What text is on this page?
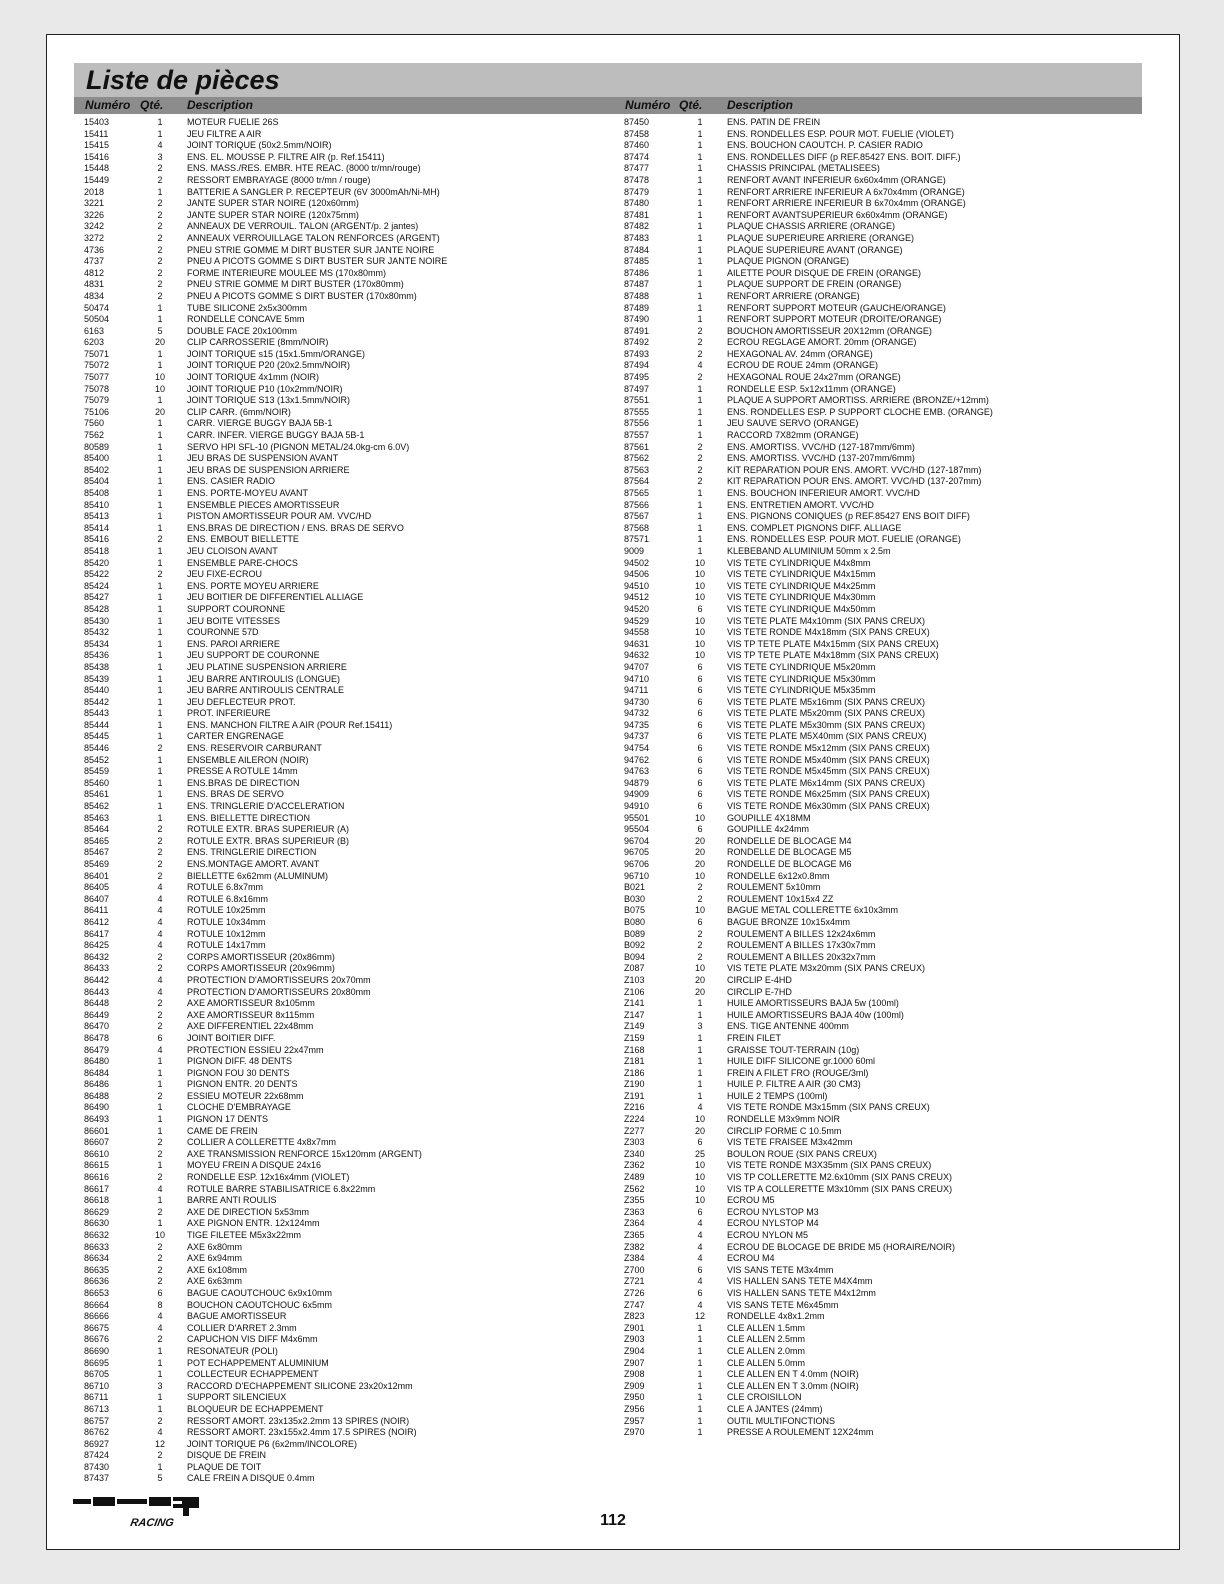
Liste de pièces
Numéro Qté. Description	Numéro Qté. Description
15403	1	MOTEUR FUELIE 26S
15411	1	JEU FILTRE A AIR
15415	4	JOINT TORIQUE (50x2.5mm/NOIR)
15416	3	ENS. EL. MOUSSE P. FILTRE AIR (p. Ref.15411)
15448	2	ENS. MASS./RES. EMBR. HTE REAC. (8000 tr/mn/rouge)
15449	2	RESSORT EMBRAYAGE (8000 tr/mn / rouge)
2018	1	BATTERIE A SANGLER P. RECEPTEUR (6V 3000mAh/Ni-MH)
3221	2	JANTE SUPER STAR NOIRE (120x60mm)
3226	2	JANTE SUPER STAR NOIRE (120x75mm)
3242	2	ANNEAUX DE VERROUIL. TALON (ARGENT/p. 2 jantes)
3272	2	ANNEAUX VERROUILLAGE TALON RENFORCES (ARGENT)
4736	2	PNEU STRIE GOMME M DIRT BUSTER SUR JANTE NOIRE
4737	2	PNEU A PICOTS GOMME S DIRT BUSTER SUR JANTE NOIRE
4812	2	FORME INTERIEURE MOULEE MS (170x80mm)
4831	2	PNEU STRIE GOMME M DIRT BUSTER (170x80mm)
4834	2	PNEU A PICOTS GOMME S DIRT BUSTER (170x80mm)
50474	1	TUBE SILICONE 2x5x300mm
50504	1	RONDELLE CONCAVE 5mm
6163	5	DOUBLE FACE 20x100mm
6203	20	CLIP CARROSSERIE (8mm/NOIR)
75071	1	JOINT TORIQUE s15 (15x1.5mm/ORANGE)
75072	1	JOINT TORIQUE P20 (20x2.5mm/NOIR)
75077	10	JOINT TORIQUE 4x1mm (NOIR)
75078	10	JOINT TORIQUE P10 (10x2mm/NOIR)
75079	1	JOINT TORIQUE S13 (13x1.5mm/NOIR)
75106	20	CLIP CARR. (6mm/NOIR)
7560	1	CARR. VIERGE BUGGY BAJA 5B-1
7562	1	CARR. INFER. VIERGE BUGGY BAJA 5B-1
80589	1	SERVO HPI SFL-10 (PIGNON METAL/24.0kg-cm 6.0V)
85400	1	JEU BRAS DE SUSPENSION AVANT
85402	1	JEU BRAS DE SUSPENSION ARRIERE
85404	1	ENS. CASIER RADIO
85408	1	ENS. PORTE-MOYEU AVANT
85410	1	ENSEMBLE PIECES AMORTISSEUR
85413	1	PISTON AMORTISSEUR POUR AM. VVC/HD
85414	1	ENS.BRAS DE DIRECTION / ENS. BRAS DE SERVO
85416	2	ENS. EMBOUT BIELLETTE
85418	1	JEU CLOISON AVANT
85420	1	ENSEMBLE PARE-CHOCS
85422	2	JEU FIXE-ECROU
85424	1	ENS. PORTE MOYEU ARRIERE
85427	1	JEU BOITIER DE DIFFERENTIEL ALLIAGE
85428	1	SUPPORT COURONNE
85430	1	JEU BOITE VITESSES
85432	1	COURONNE 57D
85434	1	ENS. PAROI ARRIERE
85436	1	JEU SUPPORT DE COURONNE
85438	1	JEU PLATINE SUSPENSION ARRIERE
85439	1	JEU BARRE ANTIROULIS (LONGUE)
85440	1	JEU BARRE ANTIROULIS CENTRALE
85442	1	JEU DEFLECTEUR PROT.
85443	1	PROT. INFERIEURE
85444	1	ENS. MANCHON FILTRE A AIR (POUR Ref.15411)
85445	1	CARTER ENGRENAGE
85446	2	ENS. RESERVOIR CARBURANT
85452	1	ENSEMBLE AILERON (NOIR)
85459	1	PRESSE A ROTULE 14mm
85460	1	ENS.BRAS DE DIRECTION
85461	1	ENS. BRAS DE SERVO
85462	1	ENS. TRINGLERIE D'ACCELERATION
85463	1	ENS. BIELLETTE DIRECTION
85464	2	ROTULE EXTR. BRAS SUPERIEUR (A)
85465	2	ROTULE EXTR. BRAS SUPERIEUR (B)
85467	2	ENS. TRINGLERIE DIRECTION
85469	2	ENS.MONTAGE AMORT. AVANT
86401	2	BIELLETTE 6x62mm (ALUMINUM)
86405	4	ROTULE 6.8x7mm
86407	4	ROTULE 6.8x16mm
86411	4	ROTULE 10x25mm
86412	4	ROTULE 10x34mm
86417	4	ROTULE 10x12mm
86425	4	ROTULE 14x17mm
86432	2	CORPS AMORTISSEUR (20x86mm)
86433	2	CORPS AMORTISSEUR (20x96mm)
86442	4	PROTECTION D'AMORTISSEURS 20x70mm
86443	4	PROTECTION D'AMORTISSEURS 20x80mm
86448	2	AXE AMORTISSEUR 8x105mm
86449	2	AXE AMORTISSEUR 8x115mm
86470	2	AXE DIFFERENTIEL 22x48mm
86478	6	JOINT BOITIER DIFF.
86479	4	PROTECTION ESSIEU 22x47mm
86480	1	PIGNON DIFF. 48 DENTS
86484	1	PIGNON FOU 30 DENTS
86486	1	PIGNON ENTR. 20 DENTS
86488	2	ESSIEU MOTEUR 22x68mm
86490	1	CLOCHE D'EMBRAYAGE
86493	1	PIGNON 17 DENTS
86601	1	CAME DE FREIN
86607	2	COLLIER A COLLERETTE 4x8x7mm
86610	2	AXE TRANSMISSION RENFORCE 15x120mm (ARGENT)
86615	1	MOYEU FREIN A DISQUE 24x16
86616	2	RONDELLE ESP. 12x16x4mm (VIOLET)
86617	4	ROTULE BARRE STABILISATRICE 6.8x22mm
86618	1	BARRE ANTI ROULIS
86629	2	AXE DE DIRECTION 5x53mm
86630	1	AXE PIGNON ENTR. 12x124mm
86632	10	TIGE FILETEE M5x3x22mm
86633	2	AXE 6x80mm
86634	2	AXE 6x94mm
86635	2	AXE 6x108mm
86636	2	AXE 6x63mm
86653	6	BAGUE CAOUTCHOUC 6x9x10mm
86664	8	BOUCHON CAOUTCHOUC 6x5mm
86666	4	BAGUE AMORTISSEUR
86675	4	COLLIER D'ARRET 2.3mm
86676	2	CAPUCHON VIS DIFF M4x6mm
86690	1	RESONATEUR (POLI)
86695	1	POT ECHAPPEMENT ALUMINIUM
86705	1	COLLECTEUR ECHAPPEMENT
86710	3	RACCORD D'ECHAPPEMENT SILICONE 23x20x12mm
86711	1	SUPPORT SILENCIEUX
86713	1	BLOQUEUR DE ECHAPPEMENT
86757	2	RESSORT AMORT. 23x135x2.2mm 13 SPIRES (NOIR)
86762	4	RESSORT AMORT. 23x155x2.4mm 17.5 SPIRES (NOIR)
86927	12	JOINT TORIQUE P6 (6x2mm/INCOLORE)
87424	2	DISQUE DE FREIN
87430	1	PLAQUE DE TOIT
87437	5	CALE FREIN A DISQUE 0.4mm
87450	1	ENS. PATIN DE FREIN
87458	1	ENS. RONDELLES ESP. POUR MOT. FUELIE (VIOLET)
87460	1	ENS. BOUCHON CAOUTCH. P. CASIER RADIO
87474	1	ENS. RONDELLES DIFF (p REF.85427 ENS. BOIT. DIFF.)
87477	1	CHASSIS PRINCIPAL (METALISEES)
87478	1	RENFORT AVANT INFERIEUR 6x60x4mm (ORANGE)
87479	1	RENFORT ARRIERE INFERIEUR A 6x70x4mm (ORANGE)
87480	1	RENFORT ARRIERE INFERIEUR B 6x70x4mm (ORANGE)
87481	1	RENFORT AVANTSUPERIEUR 6x60x4mm (ORANGE)
87482	1	PLAQUE CHASSIS ARRIERE (ORANGE)
87483	1	PLAQUE SUPERIEURE ARRIERE (ORANGE)
87484	1	PLAQUE SUPERIEURE AVANT (ORANGE)
87485	1	PLAQUE PIGNON (ORANGE)
87486	1	AILETTE POUR DISQUE DE FREIN (ORANGE)
87487	1	PLAQUE SUPPORT DE FREIN (ORANGE)
87488	1	RENFORT ARRIERE (ORANGE)
87489	1	RENFORT SUPPORT MOTEUR (GAUCHE/ORANGE)
87490	1	RENFORT SUPPORT MOTEUR (DROITE/ORANGE)
87491	2	BOUCHON AMORTISSEUR 20X12mm (ORANGE)
87492	2	ECROU REGLAGE AMORT. 20mm (ORANGE)
87493	2	HEXAGONAL AV. 24mm (ORANGE)
87494	4	ECROU DE ROUE 24mm (ORANGE)
87495	2	HEXAGONAL ROUE 24x27mm (ORANGE)
87497	1	RONDELLE ESP. 5x12x11mm (ORANGE)
87551	1	PLAQUE A SUPPORT AMORTISS. ARRIERE (BRONZE/+12mm)
87555	1	ENS. RONDELLES ESP. P SUPPORT CLOCHE EMB. (ORANGE)
87556	1	JEU SAUVE SERVO (ORANGE)
87557	1	RACCORD 7X82mm (ORANGE)
87561	2	ENS. AMORTISS. VVC/HD (127-187mm/6mm)
87562	2	ENS. AMORTISS. VVC/HD (137-207mm/6mm)
87563	2	KIT REPARATION POUR ENS. AMORT. VVC/HD (127-187mm)
87564	2	KIT REPARATION POUR ENS. AMORT. VVC/HD (137-207mm)
87565	1	ENS. BOUCHON INFERIEUR AMORT. VVC/HD
87566	1	ENS. ENTRETIEN AMORT. VVC/HD
87567	1	ENS. PIGNONS CONIQUES (p REF.85427 ENS BOIT DIFF)
87568	1	ENS. COMPLET PIGNONS DIFF. ALLIAGE
87571	1	ENS. RONDELLES ESP. POUR MOT. FUELIE (ORANGE)
9009	1	KLEBEBAND ALUMINIUM 50mm x 2.5m
94502	10	VIS TETE CYLINDRIQUE M4x8mm
94506	10	VIS TETE CYLINDRIQUE M4x15mm
94510	10	VIS TETE CYLINDRIQUE M4x25mm
94512	10	VIS TETE CYLINDRIQUE M4x30mm
94520	6	VIS TETE CYLINDRIQUE M4x50mm
94529	10	VIS TETE PLATE M4x10mm (SIX PANS CREUX)
94558	10	VIS TETE RONDE M4x18mm (SIX PANS CREUX)
94631	10	VIS TP TETE PLATE M4x15mm (SIX PANS CREUX)
94632	10	VIS TP TETE PLATE M4x18mm (SIX PANS CREUX)
94707	6	VIS TETE CYLINDRIQUE M5x20mm
94710	6	VIS TETE CYLINDRIQUE M5x30mm
94711	6	VIS TETE CYLINDRIQUE M5x35mm
94730	6	VIS TETE PLATE M5x16mm (SIX PANS CREUX)
94732	6	VIS TETE PLATE M5x20mm (SIX PANS CREUX)
94735	6	VIS TETE PLATE M5x30mm (SIX PANS CREUX)
94737	6	VIS TETE PLATE M5X40mm (SIX PANS CREUX)
94754	6	VIS TETE RONDE M5x12mm (SIX PANS CREUX)
94762	6	VIS TETE RONDE M5x40mm (SIX PANS CREUX)
94763	6	VIS TETE RONDE M5x45mm (SIX PANS CREUX)
94879	6	VIS TETE PLATE M6x14mm (SIX PANS CREUX)
94909	6	VIS TETE RONDE M6x25mm (SIX PANS CREUX)
94910	6	VIS TETE RONDE M6x30mm (SIX PANS CREUX)
95501	10	GOUPILLE 4X18MM
95504	6	GOUPILLE 4x24mm
96704	20	RONDELLE DE BLOCAGE M4
96705	20	RONDELLE DE BLOCAGE M5
96706	20	RONDELLE DE BLOCAGE M6
96710	10	RONDELLE 6x12x0.8mm
B021	2	ROULEMENT 5x10mm
B030	2	ROULEMENT 10x15x4 ZZ
B075	10	BAGUE METAL COLLERETTE 6x10x3mm
B080	6	BAGUE BRONZE 10x15x4mm
B089	2	ROULEMENT A BILLES 12x24x6mm
B092	2	ROULEMENT A BILLES 17x30x7mm
B094	2	ROULEMENT A BILLES 20x32x7mm
Z087	10	VIS TETE PLATE M3x20mm (SIX PANS CREUX)
Z103	20	CIRCLIP E-4HD
Z106	20	CIRCLIP E-7HD
Z141	1	HUILE AMORTISSEURS BAJA 5w (100ml)
Z147	1	HUILE AMORTISSEURS BAJA 40w (100ml)
Z149	3	ENS. TIGE ANTENNE 400mm
Z159	1	FREIN FILET
Z168	1	GRAISSE TOUT-TERRAIN (10g)
Z181	1	HUILE DIFF SILICONE gr.1000 60ml
Z186	1	FREIN A FILET FRO (ROUGE/3ml)
Z190	1	HUILE P. FILTRE A AIR (30 CM3)
Z191	1	HUILE 2 TEMPS (100ml)
Z216	4	VIS TETE RONDE M3x15mm (SIX PANS CREUX)
Z224	10	RONDELLE M3x9mm NOIR
Z277	20	CIRCLIP FORME C 10.5mm
Z303	6	VIS TETE FRAISEE M3x42mm
Z340	25	BOULON ROUE (SIX PANS CREUX)
Z362	10	VIS TETE RONDE M3X35mm (SIX PANS CREUX)
Z489	10	VIS TP COLLERETTE M2.6x10mm (SIX PANS CREUX)
Z562	10	VIS TP A COLLERETTE M3x10mm (SIX PANS CREUX)
Z355	10	ECROU M5
Z363	6	ECROU NYLSTOP M3
Z364	4	ECROU NYLSTOP M4
Z365	4	ECROU NYLON M5
Z382	4	ECROU DE BLOCAGE DE BRIDE M5 (HORAIRE/NOIR)
Z384	4	ECROU M4
Z700	6	VIS SANS TETE M3x4mm
Z721	4	VIS HALLEN SANS TETE M4X4mm
Z726	6	VIS HALLEN SANS TETE M4x12mm
Z747	4	VIS SANS TETE M6x45mm
Z823	12	RONDELLE 4x8x1.2mm
Z901	1	CLE ALLEN 1.5mm
Z903	1	CLE ALLEN 2.5mm
Z904	1	CLE ALLEN 2.0mm
Z907	1	CLE ALLEN 5.0mm
Z908	1	CLE ALLEN EN T 4.0mm (NOIR)
Z909	1	CLE ALLEN EN T 3.0mm (NOIR)
Z950	1	CLE CROISILLON
Z956	1	CLE A JANTES (24mm)
Z957	1	OUTIL MULTIFONCTIONS
Z970	1	PRESSE A ROULEMENT 12X24mm
RACING	112
